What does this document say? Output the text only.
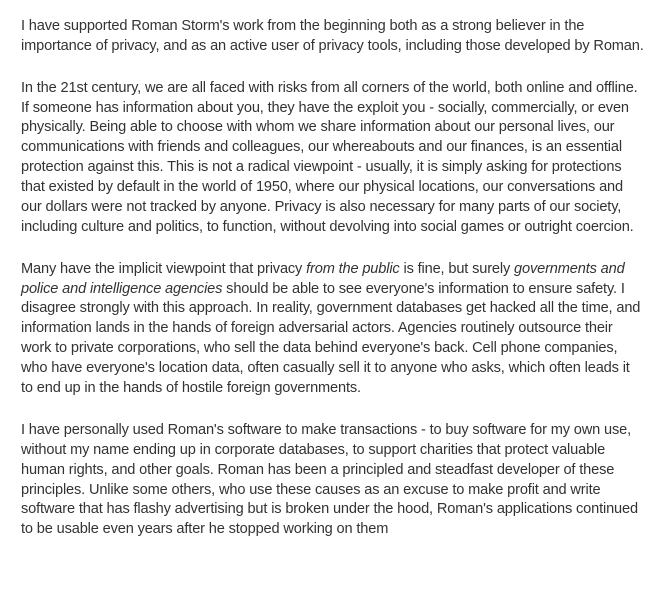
I have supported Roman Storm's work from the beginning both as a strong believer in the importance of privacy, and as an active user of privacy tools, including those developed by Roman.

In the 21st century, we are all faced with risks from all corners of the world, both online and offline. If someone has information about you, they have the exploit you - socially, commercially, or even physically. Being able to choose with whom we share information about our personal lives, our communications with friends and colleagues, our whereabouts and our finances, is an essential protection against this. This is not a radical viewpoint - usually, it is simply asking for protections that existed by default in the world of 1950, where our physical locations, our conversations and our dollars were not tracked by anyone. Privacy is also necessary for many parts of our society, including culture and politics, to function, without devolving into social games or outright coercion.

Many have the implicit viewpoint that privacy from the public is fine, but surely governments and police and intelligence agencies should be able to see everyone's information to ensure safety. I disagree strongly with this approach. In reality, government databases get hacked all the time, and information lands in the hands of foreign adversarial actors. Agencies routinely outsource their work to private corporations, who sell the data behind everyone's back. Cell phone companies, who have everyone's location data, often casually sell it to anyone who asks, which often leads it to end up in the hands of hostile foreign governments.

I have personally used Roman's software to make transactions - to buy software for my own use, without my name ending up in corporate databases, to support charities that protect valuable human rights, and other goals. Roman has been a principled and steadfast developer of these principles. Unlike some others, who use these causes as an excuse to make profit and write software that has flashy advertising but is broken under the hood, Roman's applications continued to be usable even years after he stopped working on them
